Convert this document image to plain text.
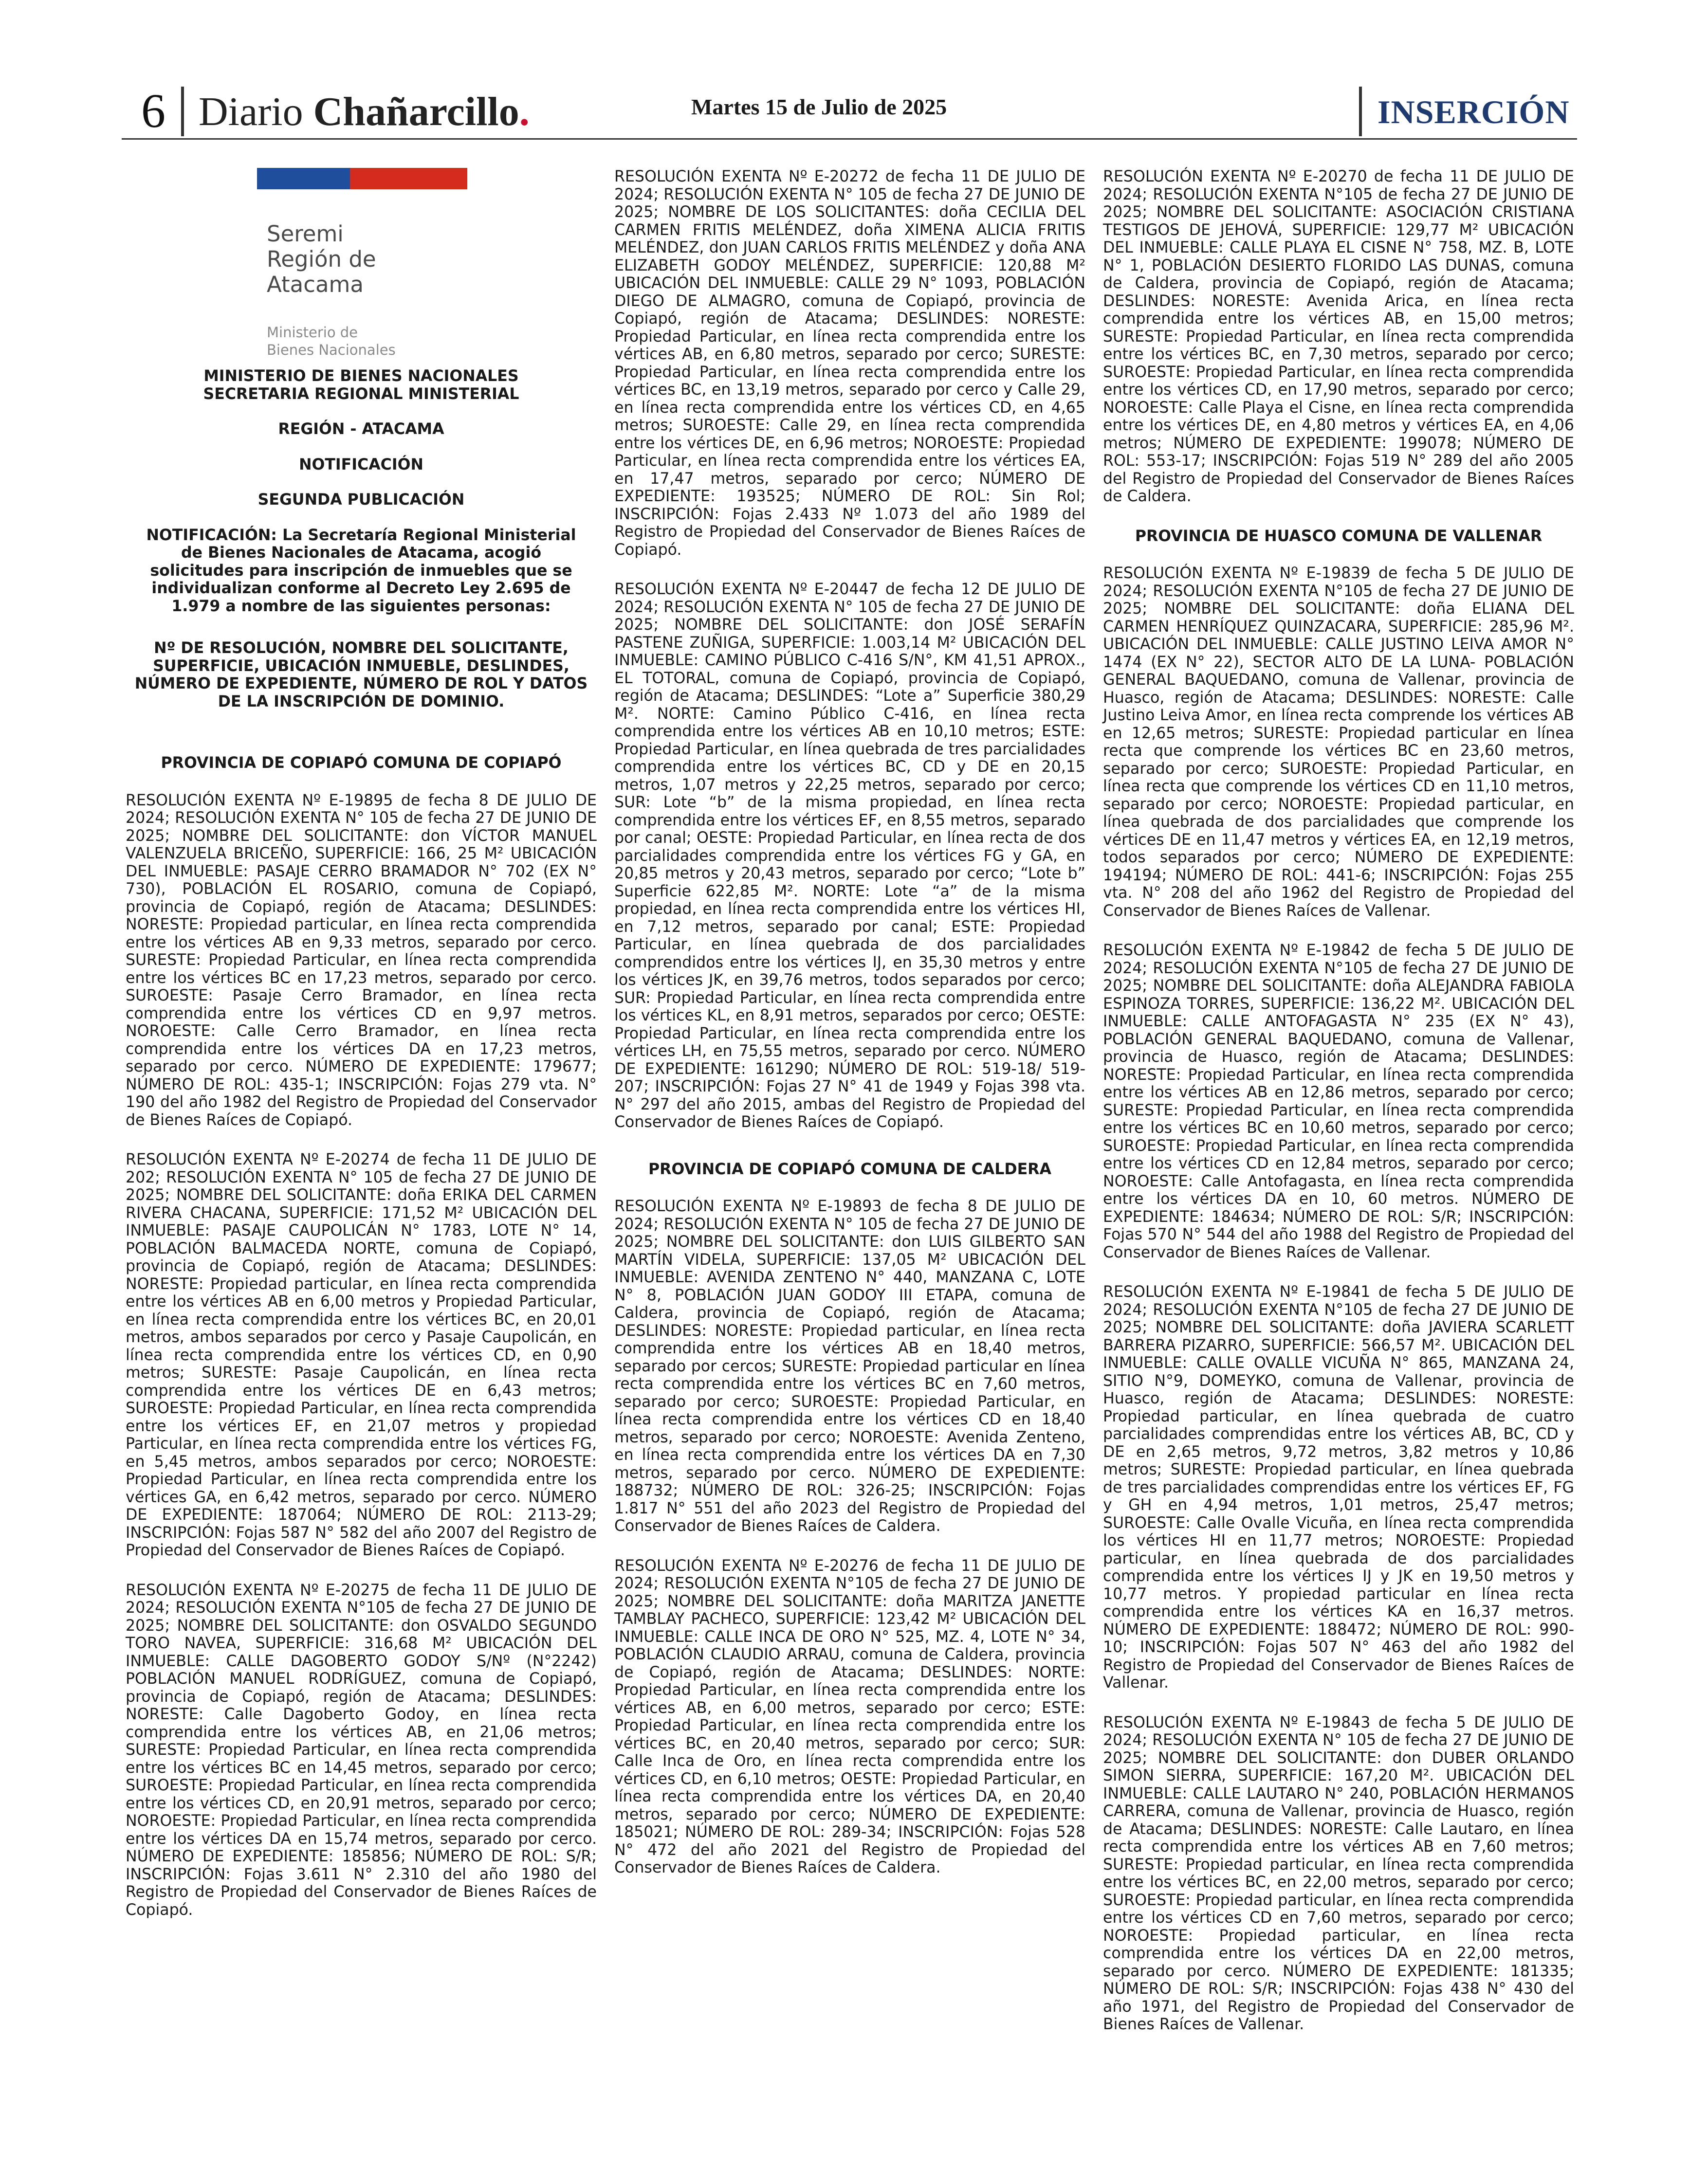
6 Diario Chañarcillo.	Martes 15 de Julio de 2025	INSERCIÓN
Seremi
Región de
Atacama
Ministerio de
Bienes Nacionales

MINISTERIO DE BIENES NACIONALES
SECRETARIA REGIONAL MINISTERIAL

REGIÓN - ATACAMA

NOTIFICACIÓN

SEGUNDA PUBLICACIÓN

NOTIFICACIÓN: La Secretaría Regional Ministerial de Bienes Nacionales de Atacama, acogió solicitudes para inscripción de inmuebles que se individualizan conforme al Decreto Ley 2.695 de 1.979 a nombre de las siguientes personas:

Nº DE RESOLUCIÓN, NOMBRE DEL SOLICITANTE, SUPERFICIE, UBICACIÓN INMUEBLE, DESLINDES, NÚMERO DE EXPEDIENTE, NÚMERO DE ROL Y DATOS DE LA INSCRIPCIÓN DE DOMINIO.

PROVINCIA DE COPIAPÓ COMUNA DE COPIAPÓ

RESOLUCIÓN EXENTA Nº E-19895 de fecha 8 DE JULIO DE 2024; RESOLUCIÓN EXENTA N° 105 de fecha 27 DE JUNIO DE 2025; NOMBRE DEL SOLICITANTE: don VÍCTOR MANUEL VALENZUELA BRICEÑO, SUPERFICIE: 166, 25 M² UBICACIÓN DEL INMUEBLE: PASAJE CERRO BRAMADOR N° 702 (EX N° 730), POBLACIÓN EL ROSARIO, comuna de Copiapó, provincia de Copiapó, región de Atacama; DESLINDES: NORESTE: Propiedad particular, en línea recta comprendida entre los vértices AB en 9,33 metros, separado por cerco. SURESTE: Propiedad Particular, en línea recta comprendida entre los vértices BC en 17,23 metros, separado por cerco. SUROESTE: Pasaje Cerro Bramador, en línea recta comprendida entre los vértices CD en 9,97 metros. NOROESTE: Calle Cerro Bramador, en línea recta comprendida entre los vértices DA en 17,23 metros, separado por cerco. NÚMERO DE EXPEDIENTE: 179677; NÚMERO DE ROL: 435-1; INSCRIPCIÓN: Fojas 279 vta. N° 190 del año 1982 del Registro de Propiedad del Conservador de Bienes Raíces de Copiapó.

RESOLUCIÓN EXENTA Nº E-20274 de fecha 11 DE JULIO DE 202; RESOLUCIÓN EXENTA N° 105 de fecha 27 DE JUNIO DE 2025; NOMBRE DEL SOLICITANTE: doña ERIKA DEL CARMEN RIVERA CHACANA, SUPERFICIE: 171,52 M² UBICACIÓN DEL INMUEBLE: PASAJE CAUPOLICÁN N° 1783, LOTE N° 14, POBLACIÓN BALMACEDA NORTE, comuna de Copiapó, provincia de Copiapó, región de Atacama; DESLINDES: NORESTE: Propiedad particular, en línea recta comprendida entre los vértices AB en 6,00 metros y Propiedad Particular, en línea recta comprendida entre los vértices BC, en 20,01 metros, ambos separados por cerco y Pasaje Caupolicán, en línea recta comprendida entre los vértices CD, en 0,90 metros; SURESTE: Pasaje Caupolicán, en línea recta comprendida entre los vértices DE en 6,43 metros; SUROESTE: Propiedad Particular, en línea recta comprendida entre los vértices EF, en 21,07 metros y propiedad Particular, en línea recta comprendida entre los vértices FG, en 5,45 metros, ambos separados por cerco; NOROESTE: Propiedad Particular, en línea recta comprendida entre los vértices GA, en 6,42 metros, separado por cerco. NÚMERO DE EXPEDIENTE: 187064; NÚMERO DE ROL: 2113-29; INSCRIPCIÓN: Fojas 587 N° 582 del año 2007 del Registro de Propiedad del Conservador de Bienes Raíces de Copiapó.

RESOLUCIÓN EXENTA Nº E-20275 de fecha 11 DE JULIO DE 2024; RESOLUCIÓN EXENTA N°105 de fecha 27 DE JUNIO DE 2025; NOMBRE DEL SOLICITANTE: don OSVALDO SEGUNDO TORO NAVEA, SUPERFICIE: 316,68 M² UBICACIÓN DEL INMUEBLE: CALLE DAGOBERTO GODOY S/Nº (N°2242) POBLACIÓN MANUEL RODRÍGUEZ, comuna de Copiapó, provincia de Copiapó, región de Atacama; DESLINDES: NORESTE: Calle Dagoberto Godoy, en línea recta comprendida entre los vértices AB, en 21,06 metros; SURESTE: Propiedad Particular, en línea recta comprendida entre los vértices BC en 14,45 metros, separado por cerco; SUROESTE: Propiedad Particular, en línea recta comprendida entre los vértices CD, en 20,91 metros, separado por cerco; NOROESTE: Propiedad Particular, en línea recta comprendida entre los vértices DA en 15,74 metros, separado por cerco. NÚMERO DE EXPEDIENTE: 185856; NÚMERO DE ROL: S/R; INSCRIPCIÓN: Fojas 3.611 N° 2.310 del año 1980 del Registro de Propiedad del Conservador de Bienes Raíces de Copiapó.

RESOLUCIÓN EXENTA Nº E-20272 de fecha 11 DE JULIO DE 2024; RESOLUCIÓN EXENTA N° 105 de fecha 27 DE JUNIO DE 2025; NOMBRE DE LOS SOLICITANTES: doña CECILIA DEL CARMEN FRITIS MELÉNDEZ, doña XIMENA ALICIA FRITIS MELÉNDEZ, don JUAN CARLOS FRITIS MELÉNDEZ y doña ANA ELIZABETH GODOY MELÉNDEZ, SUPERFICIE: 120,88 M² UBICACIÓN DEL INMUEBLE: CALLE 29 N° 1093, POBLACIÓN DIEGO DE ALMAGRO, comuna de Copiapó, provincia de Copiapó, región de Atacama; DESLINDES: NORESTE: Propiedad Particular, en línea recta comprendida entre los vértices AB, en 6,80 metros, separado por cerco; SURESTE: Propiedad Particular, en línea recta comprendida entre los vértices BC, en 13,19 metros, separado por cerco y Calle 29, en línea recta comprendida entre los vértices CD, en 4,65 metros; SUROESTE: Calle 29, en línea recta comprendida entre los vértices DE, en 6,96 metros; NOROESTE: Propiedad Particular, en línea recta comprendida entre los vértices EA, en 17,47 metros, separado por cerco; NÚMERO DE EXPEDIENTE: 193525; NÚMERO DE ROL: Sin Rol; INSCRIPCIÓN: Fojas 2.433 Nº 1.073 del año 1989 del Registro de Propiedad del Conservador de Bienes Raíces de Copiapó.

RESOLUCIÓN EXENTA Nº E-20447 de fecha 12 DE JULIO DE 2024; RESOLUCIÓN EXENTA N° 105 de fecha 27 DE JUNIO DE 2025; NOMBRE DEL SOLICITANTE: don JOSÉ SERAFÍN PASTENE ZUÑIGA, SUPERFICIE: 1.003,14 M² UBICACIÓN DEL INMUEBLE: CAMINO PÚBLICO C-416 S/N°, KM 41,51 APROX., EL TOTORAL, comuna de Copiapó, provincia de Copiapó, región de Atacama; DESLINDES: “Lote a” Superficie 380,29 M². NORTE: Camino Público C-416, en línea recta comprendida entre los vértices AB en 10,10 metros; ESTE: Propiedad Particular, en línea quebrada de tres parcialidades comprendida entre los vértices BC, CD y DE en 20,15 metros, 1,07 metros y 22,25 metros, separado por cerco; SUR: Lote “b” de la misma propiedad, en línea recta comprendida entre los vértices EF, en 8,55 metros, separado por canal; OESTE: Propiedad Particular, en línea recta de dos parcialidades comprendida entre los vértices FG y GA, en 20,85 metros y 20,43 metros, separado por cerco; “Lote b” Superficie 622,85 M². NORTE: Lote “a” de la misma propiedad, en línea recta comprendida entre los vértices HI, en 7,12 metros, separado por canal; ESTE: Propiedad Particular, en línea quebrada de dos parcialidades comprendidos entre los vértices IJ, en 35,30 metros y entre los vértices JK, en 39,76 metros, todos separados por cerco; SUR: Propiedad Particular, en línea recta comprendida entre los vértices KL, en 8,91 metros, separados por cerco; OESTE: Propiedad Particular, en línea recta comprendida entre los vértices LH, en 75,55 metros, separado por cerco. NÚMERO DE EXPEDIENTE: 161290; NÚMERO DE ROL: 519-18/ 519-207; INSCRIPCIÓN: Fojas 27 N° 41 de 1949 y Fojas 398 vta. N° 297 del año 2015, ambas del Registro de Propiedad del Conservador de Bienes Raíces de Copiapó.

PROVINCIA DE COPIAPÓ COMUNA DE CALDERA

RESOLUCIÓN EXENTA Nº E-19893 de fecha 8 DE JULIO DE 2024; RESOLUCIÓN EXENTA N° 105 de fecha 27 DE JUNIO DE 2025; NOMBRE DEL SOLICITANTE: don LUIS GILBERTO SAN MARTÍN VIDELA, SUPERFICIE: 137,05 M² UBICACIÓN DEL INMUEBLE: AVENIDA ZENTENO N° 440, MANZANA C, LOTE N° 8, POBLACIÓN JUAN GODOY III ETAPA, comuna de Caldera, provincia de Copiapó, región de Atacama; DESLINDES: NORESTE: Propiedad particular, en línea recta comprendida entre los vértices AB en 18,40 metros, separado por cercos; SURESTE: Propiedad particular en línea recta comprendida entre los vértices BC en 7,60 metros, separado por cerco; SUROESTE: Propiedad Particular, en línea recta comprendida entre los vértices CD en 18,40 metros, separado por cerco; NOROESTE: Avenida Zenteno, en línea recta comprendida entre los vértices DA en 7,30 metros, separado por cerco. NÚMERO DE EXPEDIENTE: 188732; NÚMERO DE ROL: 326-25; INSCRIPCIÓN: Fojas 1.817 N° 551 del año 2023 del Registro de Propiedad del Conservador de Bienes Raíces de Caldera.

RESOLUCIÓN EXENTA Nº E-20276 de fecha 11 DE JULIO DE 2024; RESOLUCIÓN EXENTA N°105 de fecha 27 DE JUNIO DE 2025; NOMBRE DEL SOLICITANTE: doña MARITZA JANETTE TAMBLAY PACHECO, SUPERFICIE: 123,42 M² UBICACIÓN DEL INMUEBLE: CALLE INCA DE ORO N° 525, MZ. 4, LOTE N° 34, POBLACIÓN CLAUDIO ARRAU, comuna de Caldera, provincia de Copiapó, región de Atacama; DESLINDES: NORTE: Propiedad Particular, en línea recta comprendida entre los vértices AB, en 6,00 metros, separado por cerco; ESTE: Propiedad Particular, en línea recta comprendida entre los vértices BC, en 20,40 metros, separado por cerco; SUR: Calle Inca de Oro, en línea recta comprendida entre los vértices CD, en 6,10 metros; OESTE: Propiedad Particular, en línea recta comprendida entre los vértices DA, en 20,40 metros, separado por cerco; NÚMERO DE EXPEDIENTE: 185021; NÚMERO DE ROL: 289-34; INSCRIPCIÓN: Fojas 528 N° 472 del año 2021 del Registro de Propiedad del Conservador de Bienes Raíces de Caldera.

RESOLUCIÓN EXENTA Nº E-20270 de fecha 11 DE JULIO DE 2024; RESOLUCIÓN EXENTA N°105 de fecha 27 DE JUNIO DE 2025; NOMBRE DEL SOLICITANTE: ASOCIACIÓN CRISTIANA TESTIGOS DE JEHOVÁ, SUPERFICIE: 129,77 M² UBICACIÓN DEL INMUEBLE: CALLE PLAYA EL CISNE N° 758, MZ. B, LOTE N° 1, POBLACIÓN DESIERTO FLORIDO LAS DUNAS, comuna de Caldera, provincia de Copiapó, región de Atacama; DESLINDES: NORESTE: Avenida Arica, en línea recta comprendida entre los vértices AB, en 15,00 metros; SURESTE: Propiedad Particular, en línea recta comprendida entre los vértices BC, en 7,30 metros, separado por cerco; SUROESTE: Propiedad Particular, en línea recta comprendida entre los vértices CD, en 17,90 metros, separado por cerco; NOROESTE: Calle Playa el Cisne, en línea recta comprendida entre los vértices DE, en 4,80 metros y vértices EA, en 4,06 metros; NÚMERO DE EXPEDIENTE: 199078; NÚMERO DE ROL: 553-17; INSCRIPCIÓN: Fojas 519 N° 289 del año 2005 del Registro de Propiedad del Conservador de Bienes Raíces de Caldera.

PROVINCIA DE HUASCO COMUNA DE VALLENAR

RESOLUCIÓN EXENTA Nº E-19839 de fecha 5 DE JULIO DE 2024; RESOLUCIÓN EXENTA N°105 de fecha 27 DE JUNIO DE 2025; NOMBRE DEL SOLICITANTE: doña ELIANA DEL CARMEN HENRÍQUEZ QUINZACARA, SUPERFICIE: 285,96 M². UBICACIÓN DEL INMUEBLE: CALLE JUSTINO LEIVA AMOR N° 1474 (EX N° 22), SECTOR ALTO DE LA LUNA- POBLACIÓN GENERAL BAQUEDANO, comuna de Vallenar, provincia de Huasco, región de Atacama; DESLINDES: NORESTE: Calle Justino Leiva Amor, en línea recta comprende los vértices AB en 12,65 metros; SURESTE: Propiedad particular en línea recta que comprende los vértices BC en 23,60 metros, separado por cerco; SUROESTE: Propiedad Particular, en línea recta que comprende los vértices CD en 11,10 metros, separado por cerco; NOROESTE: Propiedad particular, en línea quebrada de dos parcialidades que comprende los vértices DE en 11,47 metros y vértices EA, en 12,19 metros, todos separados por cerco; NÚMERO DE EXPEDIENTE: 194194; NÚMERO DE ROL: 441-6; INSCRIPCIÓN: Fojas 255 vta. N° 208 del año 1962 del Registro de Propiedad del Conservador de Bienes Raíces de Vallenar.

RESOLUCIÓN EXENTA Nº E-19842 de fecha 5 DE JULIO DE 2024; RESOLUCIÓN EXENTA N°105 de fecha 27 DE JUNIO DE 2025; NOMBRE DEL SOLICITANTE: doña ALEJANDRA FABIOLA ESPINOZA TORRES, SUPERFICIE: 136,22 M². UBICACIÓN DEL INMUEBLE: CALLE ANTOFAGASTA N° 235 (EX N° 43), POBLACIÓN GENERAL BAQUEDANO, comuna de Vallenar, provincia de Huasco, región de Atacama; DESLINDES: NORESTE: Propiedad Particular, en línea recta comprendida entre los vértices AB en 12,86 metros, separado por cerco; SURESTE: Propiedad Particular, en línea recta comprendida entre los vértices BC en 10,60 metros, separado por cerco; SUROESTE: Propiedad Particular, en línea recta comprendida entre los vértices CD en 12,84 metros, separado por cerco; NOROESTE: Calle Antofagasta, en línea recta comprendida entre los vértices DA en 10, 60 metros. NÚMERO DE EXPEDIENTE: 184634; NÚMERO DE ROL: S/R; INSCRIPCIÓN: Fojas 570 N° 544 del año 1988 del Registro de Propiedad del Conservador de Bienes Raíces de Vallenar.

RESOLUCIÓN EXENTA Nº E-19841 de fecha 5 DE JULIO DE 2024; RESOLUCIÓN EXENTA N°105 de fecha 27 DE JUNIO DE 2025; NOMBRE DEL SOLICITANTE: doña JAVIERA SCARLETT BARRERA PIZARRO, SUPERFICIE: 566,57 M². UBICACIÓN DEL INMUEBLE: CALLE OVALLE VICUÑA N° 865, MANZANA 24, SITIO N°9, DOMEYKO, comuna de Vallenar, provincia de Huasco, región de Atacama; DESLINDES: NORESTE: Propiedad particular, en línea quebrada de cuatro parcialidades comprendidas entre los vértices AB, BC, CD y DE en 2,65 metros, 9,72 metros, 3,82 metros y 10,86 metros; SURESTE: Propiedad particular, en línea quebrada de tres parcialidades comprendidas entre los vértices EF, FG y GH en 4,94 metros, 1,01 metros, 25,47 metros; SUROESTE: Calle Ovalle Vicuña, en línea recta comprendida los vértices HI en 11,77 metros; NOROESTE: Propiedad particular, en línea quebrada de dos parcialidades comprendida entre los vértices IJ y JK en 19,50 metros y 10,77 metros. Y propiedad particular en línea recta comprendida entre los vértices KA en 16,37 metros. NÚMERO DE EXPEDIENTE: 188472; NÚMERO DE ROL: 990-10; INSCRIPCIÓN: Fojas 507 N° 463 del año 1982 del Registro de Propiedad del Conservador de Bienes Raíces de Vallenar.

RESOLUCIÓN EXENTA Nº E-19843 de fecha 5 DE JULIO DE 2024; RESOLUCIÓN EXENTA N° 105 de fecha 27 DE JUNIO DE 2025; NOMBRE DEL SOLICITANTE: don DUBER ORLANDO SIMON SIERRA, SUPERFICIE: 167,20 M². UBICACIÓN DEL INMUEBLE: CALLE LAUTARO N° 240, POBLACIÓN HERMANOS CARRERA, comuna de Vallenar, provincia de Huasco, región de Atacama; DESLINDES: NORESTE: Calle Lautaro, en línea recta comprendida entre los vértices AB en 7,60 metros; SURESTE: Propiedad particular, en línea recta comprendida entre los vértices BC, en 22,00 metros, separado por cerco; SUROESTE: Propiedad particular, en línea recta comprendida entre los vértices CD en 7,60 metros, separado por cerco; NOROESTE: Propiedad particular, en línea recta comprendida entre los vértices DA en 22,00 metros, separado por cerco. NÚMERO DE EXPEDIENTE: 181335; NÚMERO DE ROL: S/R; INSCRIPCIÓN: Fojas 438 N° 430 del año 1971, del Registro de Propiedad del Conservador de Bienes Raíces de Vallenar.
